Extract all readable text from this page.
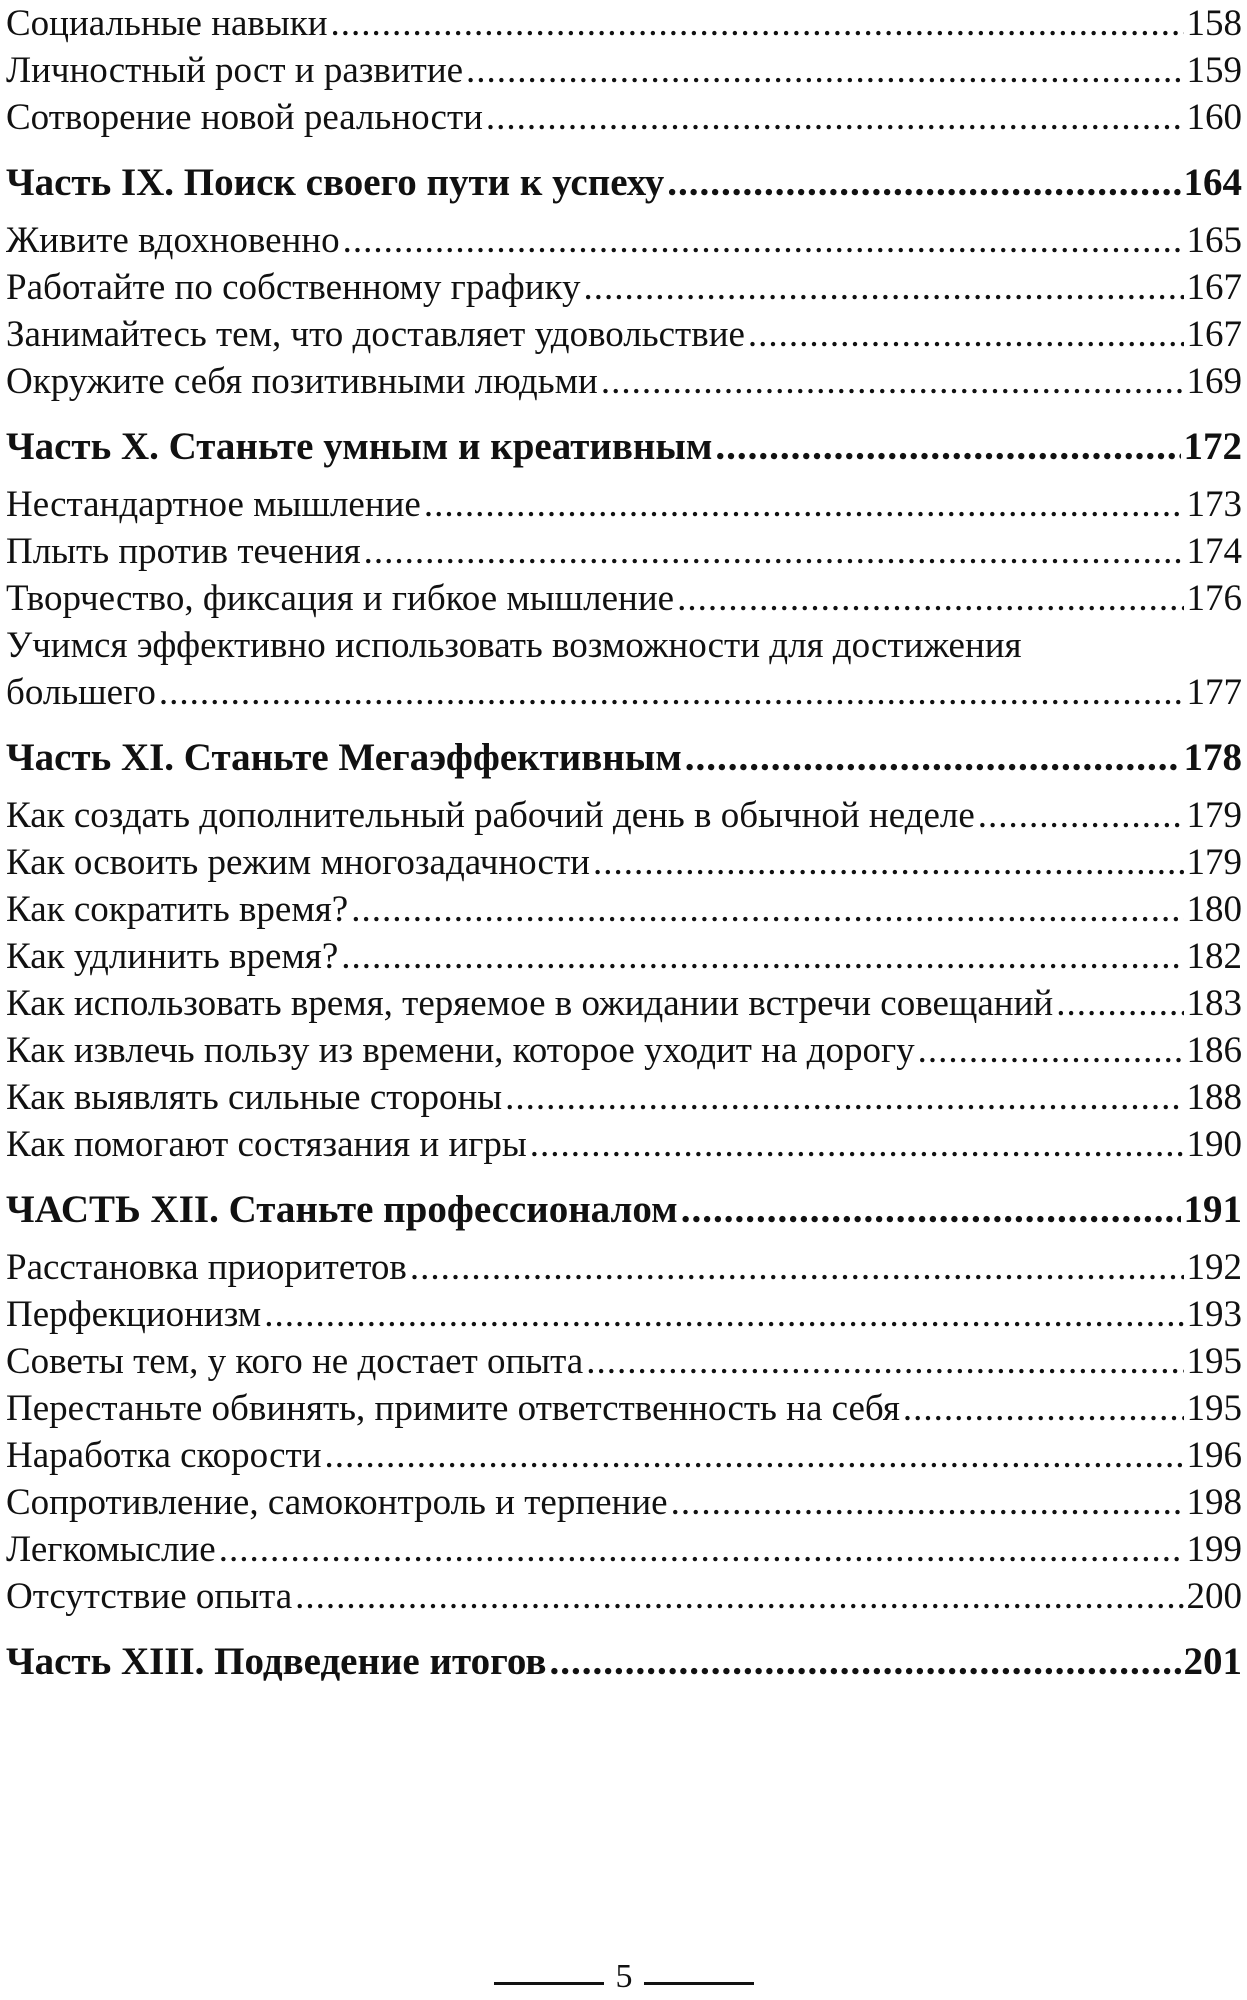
Социальные навыки .....	158
Личностный рост и развитие .....	159
Сотворение новой реальности .....	160
Часть IX. Поиск своего пути к успеху .....	164
Живите вдохновенно .....	165
Работайте по собственному графику .....	167
Занимайтесь тем, что доставляет удовольствие .....	167
Окружите себя позитивными людьми .....	169
Часть X. Станьте умным и креативным .....	172
Нестандартное мышление .....	173
Плыть против течения .....	174
Творчество, фиксация и гибкое мышление .....	176
Учимся эффективно использовать возможности для достижения
большего .....	177
Часть XI. Станьте Мегаэффективным .....	178
Как создать дополнительный рабочий день в обычной неделе .....	179
Как освоить режим многозадачности .....	179
Как сократить время? .....	180
Как удлинить время? .....	182
Как использовать время, теряемое в ожидании встречи совещаний .....	183
Как извлечь пользу из времени, которое уходит на дорогу .....	186
Как выявлять сильные стороны .....	188
Как помогают состязания и игры .....	190
ЧАСТЬ XII. Станьте профессионалом .....	191
Расстановка приоритетов .....	192
Перфекционизм .....	193
Советы тем, у кого не достает опыта .....	195
Перестаньте обвинять, примите ответственность на себя .....	195
Наработка скорости .....	196
Сопротивление, самоконтроль и терпение .....	198
Легкомыслие .....	199
Отсутствие опыта .....	200
Часть XIII. Подведение итогов .....	201
5
